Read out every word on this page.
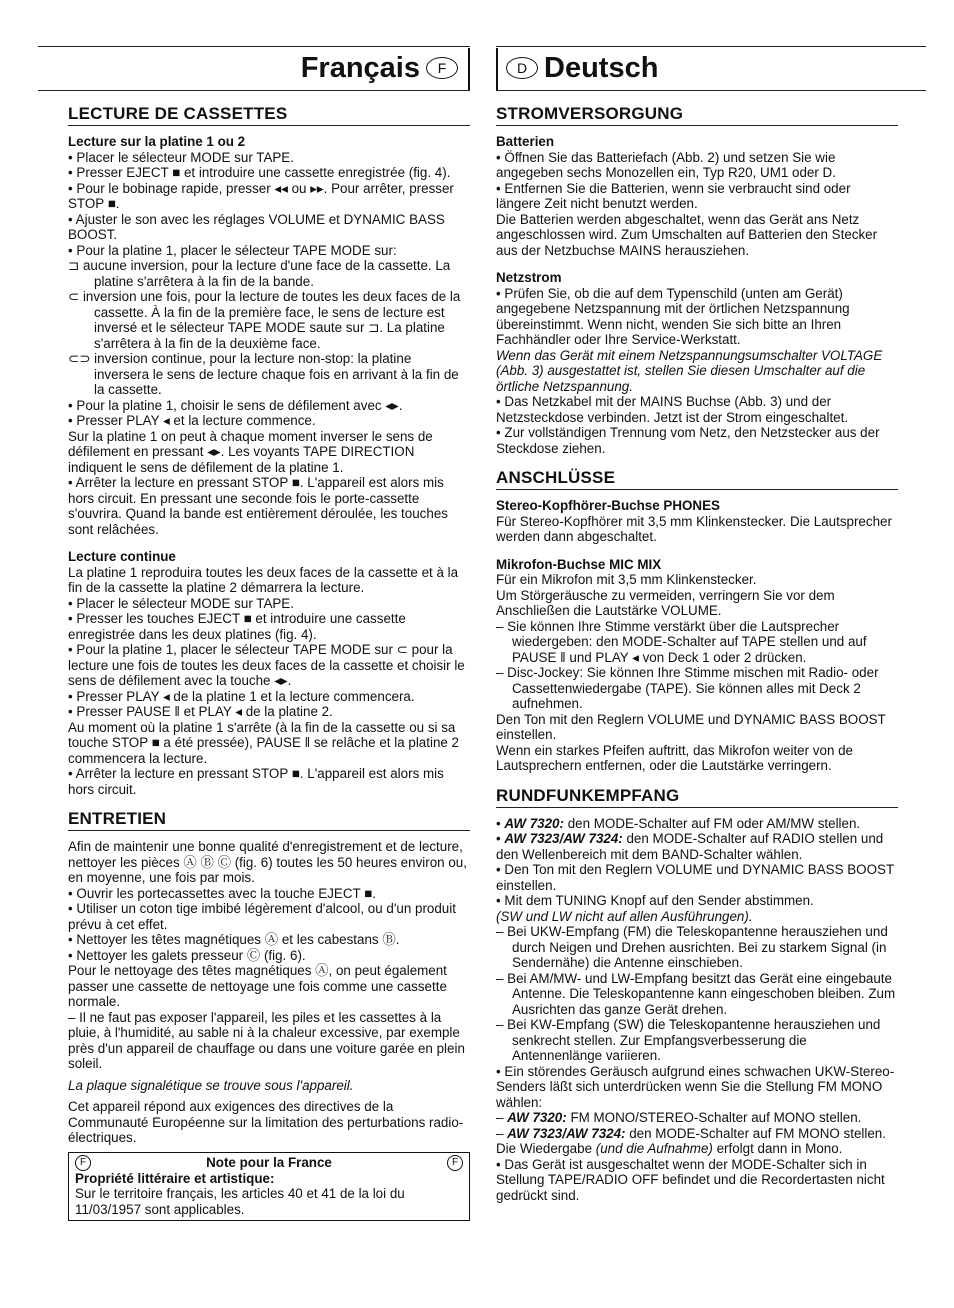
Français	F
LECTURE DE CASSETTES
Lecture sur la platine 1 ou 2

• Placer le sélecteur MODE sur TAPE.

• Presser EJECT ■ et introduire une cassette enregistrée (fig. 4).

• Pour le bobinage rapide, presser ◂◂ ou ▸▸. Pour arrêter, presser STOP ■.

• Ajuster le son avec les réglages VOLUME et DYNAMIC BASS BOOST.

• Pour la platine 1, placer le sélecteur TAPE MODE sur:

⊐ aucune inversion, pour la lecture d'une face de la cassette. La platine s'arrêtera à la fin de la bande.

⊂ inversion une fois, pour la lecture de toutes les deux faces de la cassette. À la fin de la première face, le sens de lecture est inversé et le sélecteur TAPE MODE saute sur ⊐. La platine s'arrêtera à la fin de la deuxième face.

⊂⊃ inversion continue, pour la lecture non-stop: la platine inversera le sens de lecture chaque fois en arrivant à la fin de la cassette.

• Pour la platine 1, choisir le sens de défilement avec ◂▸.

• Presser PLAY ◂ et la lecture commence.

Sur la platine 1 on peut à chaque moment inverser le sens de défilement en pressant ◂▸. Les voyants TAPE DIRECTION indiquent le sens de défilement de la platine 1.

• Arrêter la lecture en pressant STOP ■. L'appareil est alors mis hors circuit. En pressant une seconde fois le porte-cassette s'ouvrira. Quand la bande est entièrement déroulée, les touches sont relâchées.

Lecture continue

La platine 1 reproduira toutes les deux faces de la cassette et à la fin de la cassette la platine 2 démarrera la lecture.

• Placer le sélecteur MODE sur TAPE.

• Presser les touches EJECT ■ et introduire une cassette enregistrée dans les deux platines (fig. 4).

• Pour la platine 1, placer le sélecteur TAPE MODE sur ⊂ pour la lecture une fois de toutes les deux faces de la cassette et choisir le sens de défilement avec la touche ◂▸.

• Presser PLAY ◂ de la platine 1 et la lecture commencera.

• Presser PAUSE ǁ et PLAY ◂ de la platine 2.

Au moment où la platine 1 s'arrête (à la fin de la cassette ou si sa touche STOP ■ a été pressée), PAUSE ǁ se relâche et la platine 2 commencera la lecture.

• Arrêter la lecture en pressant STOP ■. L'appareil est alors mis hors circuit.

ENTRETIEN

Afin de maintenir une bonne qualité d'enregistrement et de lecture, nettoyer les pièces Ⓐ Ⓑ Ⓒ (fig. 6) toutes les 50 heures environ ou, en moyenne, une fois par mois.

• Ouvrir les portecassettes avec la touche EJECT ■.

• Utiliser un coton tige imbibé légèrement d'alcool, ou d'un produit prévu à cet effet.

• Nettoyer les têtes magnétiques Ⓐ et les cabestans Ⓑ.

• Nettoyer les galets presseur Ⓒ (fig. 6).

Pour le nettoyage des têtes magnétiques Ⓐ, on peut également passer une cassette de nettoyage une fois comme une cassette normale.

– Il ne faut pas exposer l'appareil, les piles et les cassettes à la pluie, à l'humidité, au sable ni à la chaleur excessive, par exemple près d'un appareil de chauffage ou dans une voiture garée en plein soleil.

La plaque signalétique se trouve sous l'appareil.

Cet appareil répond aux exigences des directives de la Communauté Européenne sur la limitation des perturbations radio-électriques.

F	Note pour la France	F

Propriété littéraire et artistique:

Sur le territoire français, les articles 40 et 41 de la loi du 11/03/1957 sont applicables.

D Deutsch
STROMVERSORGUNG
Batterien

• Öffnen Sie das Batteriefach (Abb. 2) und setzen Sie wie angegeben sechs Monozellen ein, Typ R20, UM1 oder D.

• Entfernen Sie die Batterien, wenn sie verbraucht sind oder längere Zeit nicht benutzt werden.

Die Batterien werden abgeschaltet, wenn das Gerät ans Netz angeschlossen wird. Zum Umschalten auf Batterien den Stecker aus der Netzbuchse MAINS herausziehen.

Netzstrom

• Prüfen Sie, ob die auf dem Typenschild (unten am Gerät) angegebene Netzspannung mit der örtlichen Netzspannung übereinstimmt. Wenn nicht, wenden Sie sich bitte an Ihren Fachhändler oder Ihre Service-Werkstatt.

Wenn das Gerät mit einem Netzspannungsumschalter VOLTAGE (Abb. 3) ausgestattet ist, stellen Sie diesen Umschalter auf die örtliche Netzspannung.

• Das Netzkabel mit der MAINS Buchse (Abb. 3) und der Netzsteckdose verbinden. Jetzt ist der Strom eingeschaltet.

• Zur vollständigen Trennung vom Netz, den Netzstecker aus der Steckdose ziehen.

ANSCHLÜSSE
Stereo-Kopfhörer-Buchse PHONES

Für Stereo-Kopfhörer mit 3,5 mm Klinkenstecker. Die Lautsprecher werden dann abgeschaltet.

Mikrofon-Buchse MIC MIX

Für ein Mikrofon mit 3,5 mm Klinkenstecker.

Um Störgeräusche zu vermeiden, verringern Sie vor dem Anschließen die Lautstärke VOLUME.

– Sie können Ihre Stimme verstärkt über die Lautsprecher wiedergeben: den MODE-Schalter auf TAPE stellen und auf PAUSE ǁ und PLAY ◂ von Deck 1 oder 2 drücken.

– Disc-Jockey: Sie können Ihre Stimme mischen mit Radio- oder Cassettenwiedergabe (TAPE). Sie können alles mit Deck 2 aufnehmen.

Den Ton mit den Reglern VOLUME und DYNAMIC BASS BOOST einstellen.

Wenn ein starkes Pfeifen auftritt, das Mikrofon weiter von de Lautsprechern entfernen, oder die Lautstärke verringern.

RUNDFUNKEMPFANG

• AW 7320: den MODE-Schalter auf FM oder AM/MW stellen.

• AW 7323/AW 7324: den MODE-Schalter auf RADIO stellen und den Wellenbereich mit dem BAND-Schalter wählen.

• Den Ton mit den Reglern VOLUME und DYNAMIC BASS BOOST einstellen.

• Mit dem TUNING Knopf auf den Sender abstimmen.

(SW und LW nicht auf allen Ausführungen).

– Bei UKW-Empfang (FM) die Teleskopantenne herausziehen und durch Neigen und Drehen ausrichten. Bei zu starkem Signal (in Sendernähe) die Antenne einschieben.

– Bei AM/MW- und LW-Empfang besitzt das Gerät eine eingebaute Antenne. Die Teleskopantenne kann eingeschoben bleiben. Zum Ausrichten das ganze Gerät drehen.

– Bei KW-Empfang (SW) die Teleskopantenne herausziehen und senkrecht stellen. Zur Empfangsverbesserung die Antennenlänge variieren.

• Ein störendes Geräusch aufgrund eines schwachen UKW-Stereo-Senders läßt sich unterdrücken wenn Sie die Stellung FM MONO wählen:

– AW 7320: FM MONO/STEREO-Schalter auf MONO stellen.

– AW 7323/AW 7324: den MODE-Schalter auf FM MONO stellen.

Die Wiedergabe (und die Aufnahme) erfolgt dann in Mono.

• Das Gerät ist ausgeschaltet wenn der MODE-Schalter sich in Stellung TAPE/RADIO OFF befindet und die Recordertasten nicht gedrückt sind.
